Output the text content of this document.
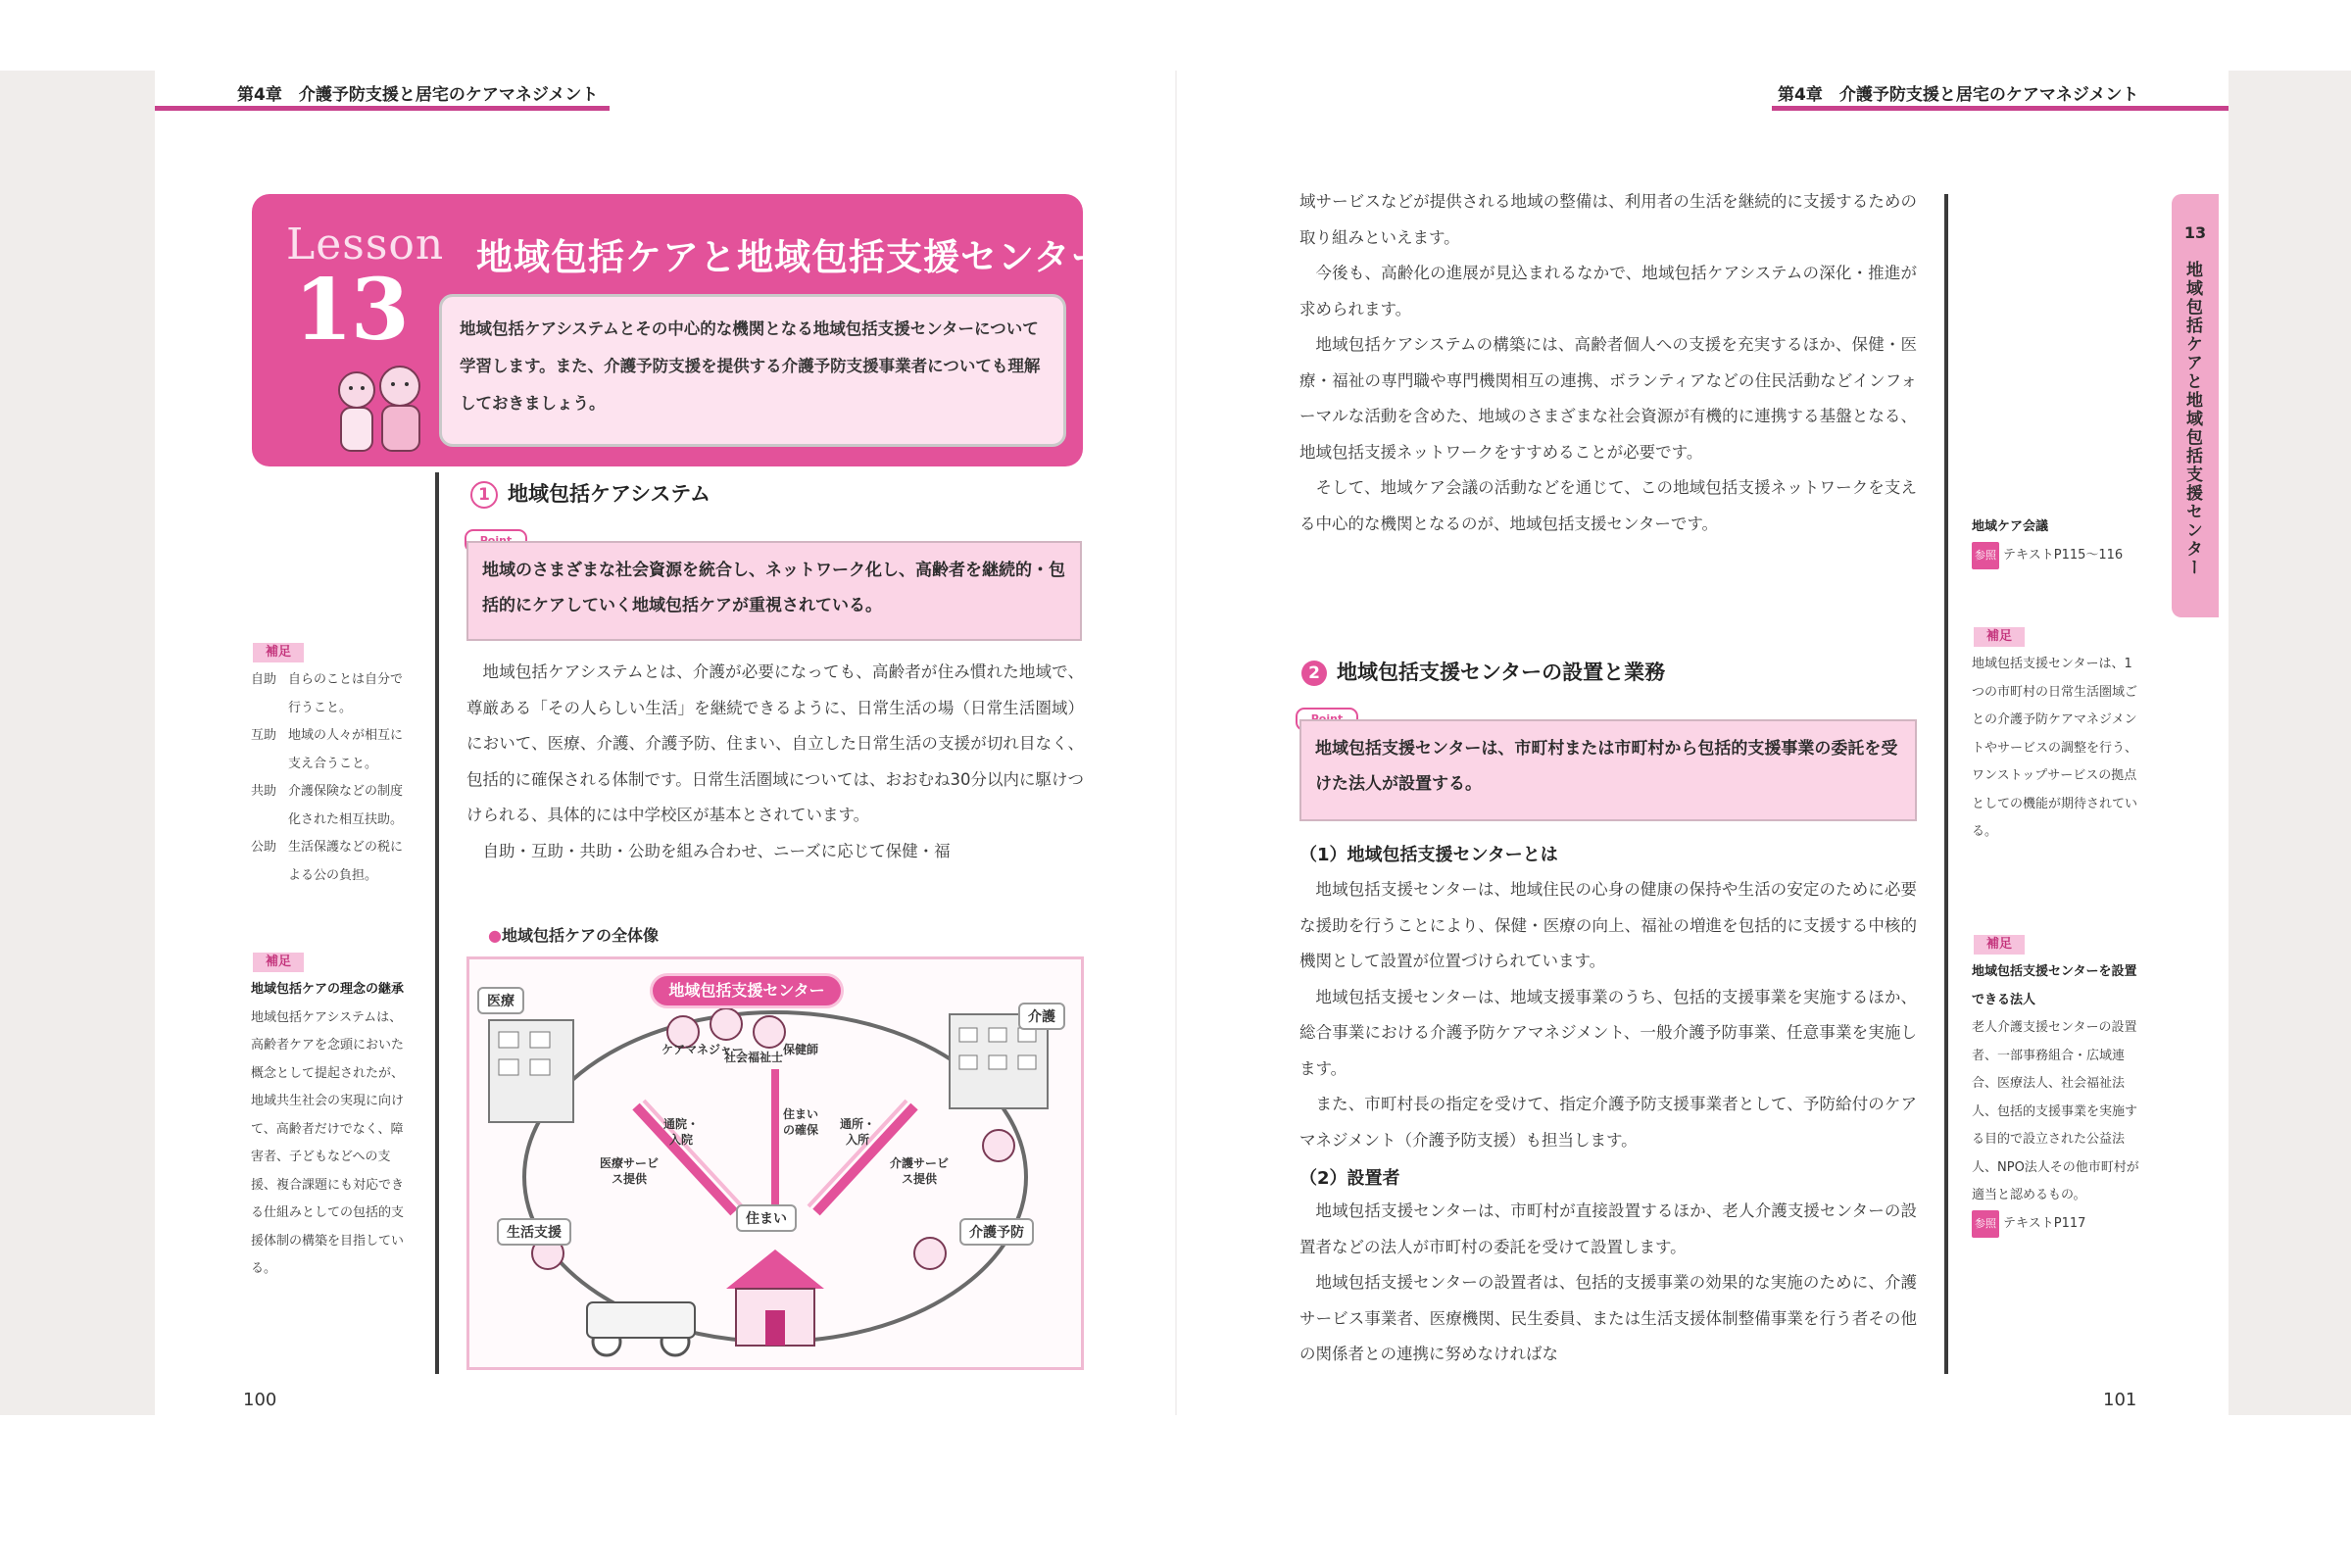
第4章　介護予防支援と居宅のケアマネジメント	第4章　介護予防支援と居宅のケアマネジメント
Lesson
13
地域包括ケアと地域包括支援センター
地域包括ケアシステムとその中心的な機関となる地域包括支援センターについて学習します。また、介護予防支援を提供する介護予防支援事業者についても理解しておきましょう。
1 地域包括ケアシステム
地域のさまざまな社会資源を統合し、ネットワーク化し、高齢者を継続的・包括的にケアしていく地域包括ケアが重視されている。

地域包括ケアシステムとは、介護が必要になっても、高齢者が住み慣れた地域で、尊厳ある「その人らしい生活」を継続できるように、日常生活の場（日常生活圏域）において、医療、介護、介護予防、住まい、自立した日常生活の支援が切れ目なく、包括的に確保される体制です。日常生活圏域については、おおむね30分以内に駆けつけられる、具体的には中学校区が基本とされています。

自助・互助・共助・公助を組み合わせ、ニーズに応じて保健・福

●地域包括ケアの全体像
地域包括支援センター
医療
介護
生活支援	介護予防
住まい
ケアマネジャー
社会福祉士
保健師
医療サービス提供
通院・入院
住まいの確保 通所・入所
介護サービス提供
補足
自助 自らのことは自分で行うこと。
互助 地域の人々が相互に支え合うこと。
共助 介護保険などの制度化された相互扶助。
公助 生活保護などの税による公の負担。
補足
地域包括ケアの理念の継承
地域包括ケアシステムは、高齢者ケアを念頭においた概念として提起されたが、地域共生社会の実現に向けて、高齢者だけでなく、障害者、子どもなどへの支援、複合課題にも対応できる仕組みとしての包括的支援体制の構築を目指している。

域サービスなどが提供される地域の整備は、利用者の生活を継続的に支援するための取り組みといえます。

今後も、高齢化の進展が見込まれるなかで、地域包括ケアシステムの深化・推進が求められます。

地域包括ケアシステムの構築には、高齢者個人への支援を充実するほか、保健・医療・福祉の専門職や専門機関相互の連携、ボランティアなどの住民活動などインフォーマルな活動を含めた、地域のさまざまな社会資源が有機的に連携する基盤となる、地域包括支援ネットワークをすすめることが必要です。

そして、地域ケア会議の活動などを通じて、この地域包括支援ネットワークを支える中心的な機関となるのが、地域包括支援センターです。

2 地域包括支援センターの設置と業務
地域包括支援センターは、市町村または市町村から包括的支援事業の委託を受けた法人が設置する。
（1）地域包括支援センターとは

地域包括支援センターは、地域住民の心身の健康の保持や生活の安定のために必要な援助を行うことにより、保健・医療の向上、福祉の増進を包括的に支援する中核的機関として設置が位置づけられています。

地域包括支援センターは、地域支援事業のうち、包括的支援事業を実施するほか、総合事業における介護予防ケアマネジメント、一般介護予防事業、任意事業を実施します。

また、市町村長の指定を受けて、指定介護予防支援事業者として、予防給付のケアマネジメント（介護予防支援）も担当します。

（2）設置者

地域包括支援センターは、市町村が直接設置するほか、老人介護支援センターの設置者などの法人が市町村の委託を受けて設置します。

地域包括支援センターの設置者は、包括的支援事業の効果的な実施のために、介護サービス事業者、医療機関、民生委員、または生活支援体制整備事業を行う者その他の関係者との連携に努めなければな

地域ケア会議
参照 テキストP115〜116
補足
地域包括支援センターは、1つの市町村の日常生活圏域ごとの介護予防ケアマネジメントやサービスの調整を行う、ワンストップサービスの拠点としての機能が期待されている。
補足
地域包括支援センターを設置できる法人
老人介護支援センターの設置者、一部事務組合・広域連合、医療法人、社会福祉法人、包括的支援事業を実施する目的で設立された公益法人、NPO法人その他市町村が適当と認めるもの。
参照 テキストP117
13
地域包括ケアと地域包括支援センター
100	101
